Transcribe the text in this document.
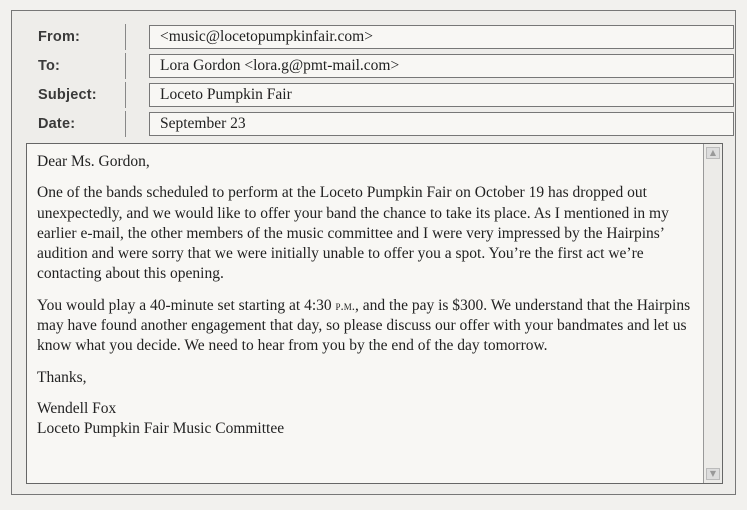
From:	<music@locetopumpkinfair.com>
To:	Lora Gordon <lora.g@pmt-mail.com>
Subject:	Loceto Pumpkin Fair
Date:	September 23

Dear Ms. Gordon,

One of the bands scheduled to perform at the Loceto Pumpkin Fair on October 19 has dropped out unexpectedly, and we would like to offer your band the chance to take its place. As I mentioned in my earlier e-mail, the other members of the music committee and I were very impressed by the Hairpins’ audition and were sorry that we were initially unable to offer you a spot. You’re the first act we’re contacting about this opening.

You would play a 40-minute set starting at 4:30 p.m., and the pay is $300. We understand that the Hairpins may have found another engagement that day, so please discuss our offer with your bandmates and let us know what you decide. We need to hear from you by the end of the day tomorrow.

Thanks,

Wendell Fox

Loceto Pumpkin Fair Music Committee

▲
▼
